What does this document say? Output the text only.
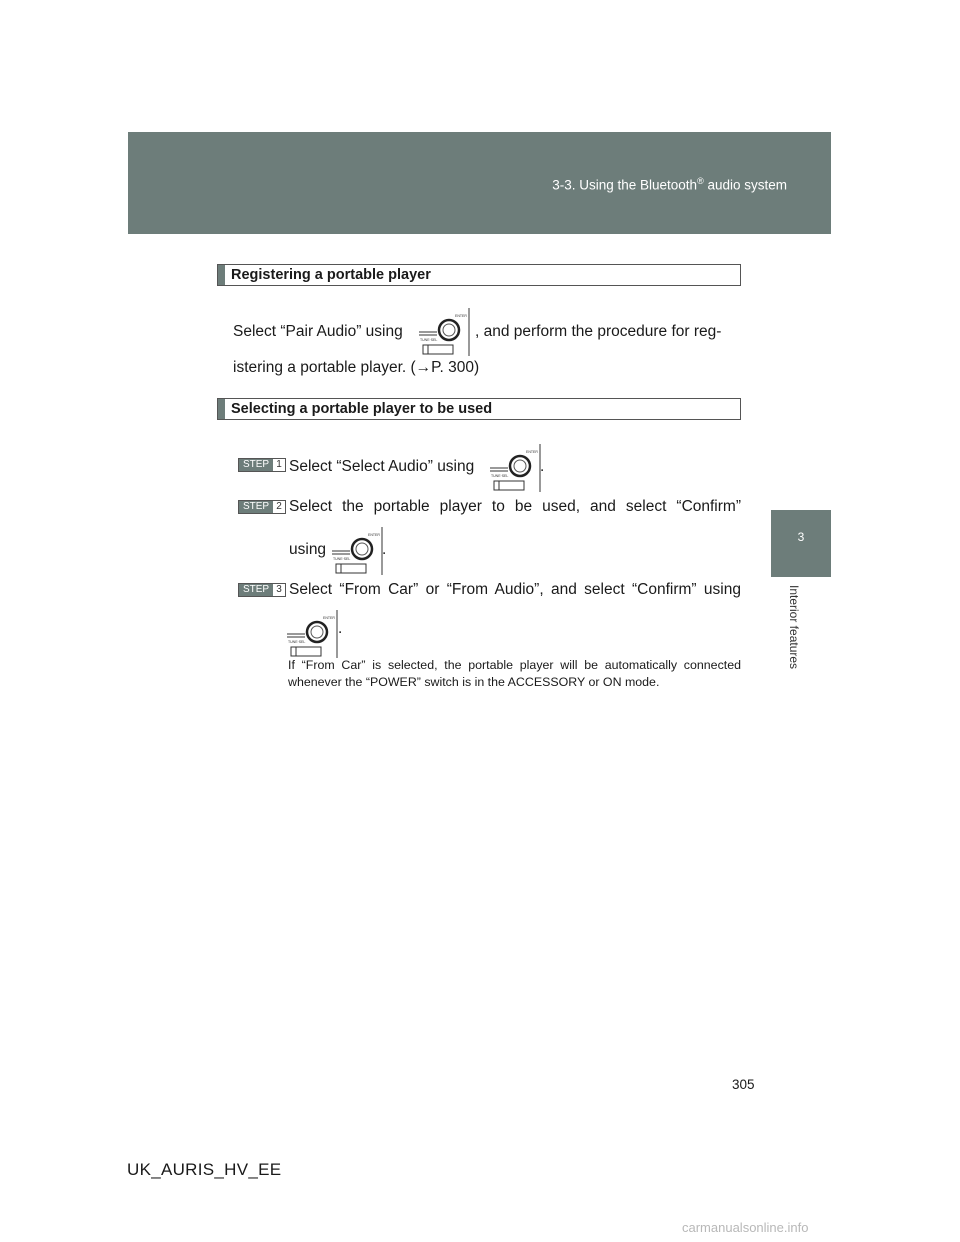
3-3. Using the Bluetooth® audio system
3
Interior features
Registering a portable player
Select “Pair Audio” using
ENTER
TUNE·SEL , and perform the procedure for reg-
istering a portable player. (→P. 300)
Selecting a portable player to be used
STEP 1 Select “Select Audio” using
ENTER
TUNE·SEL
.
STEP 2 Select the portable player to be used, and select “Confirm”
using
ENTER
TUNE·SEL
.
STEP 3 Select “From Car” or “From Audio”, and select “Confirm” using
ENTER
TUNE·SEL
.
If “From Car” is selected, the portable player will be automatically connected whenever the “POWER” switch is in the ACCESSORY or ON mode.
305
UK_AURIS_HV_EE
carmanualsonline.info
